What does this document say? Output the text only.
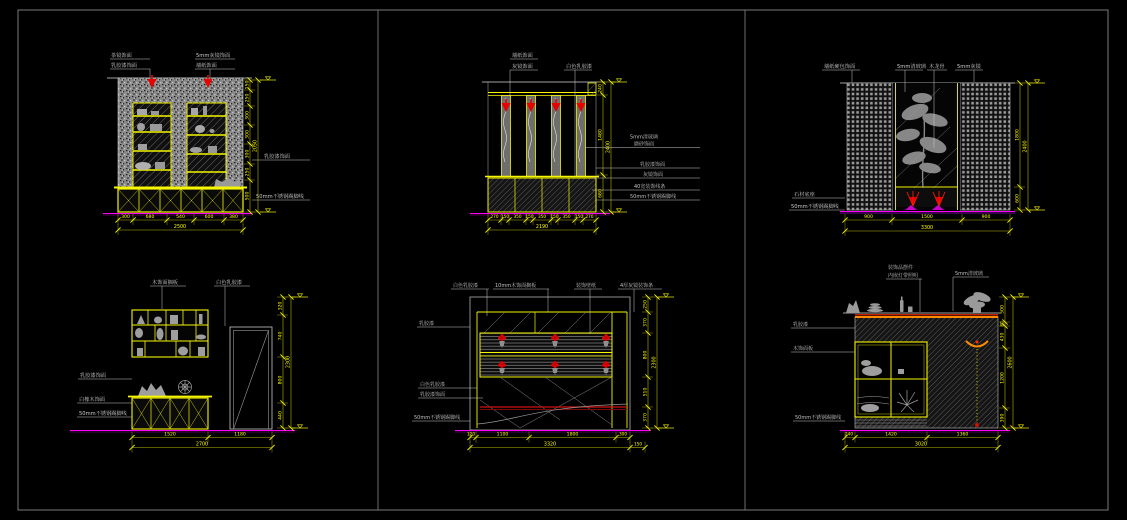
茶镜饰面
乳胶漆饰面
5mm灰镜饰面
墙纸饰面
乳胶漆饰面
50mm不锈钢踢脚线
300	680	540	600	380
2500
150
250
300
300
300
250
500
2050
墙纸饰面
灰镜饰面	白色乳胶漆
5mm清玻璃
磨砂饰面
乳胶漆饰面
灰镜饰面
40宽装饰线条
50mm不锈钢踢脚线
270 150 350 150 350 150 350 150 270
2190
240
1480
680
2400
墙纸硬包饰面	5mm清玻璃 木龙骨 5mm灰镜
石材底座
50mm不锈钢踢脚线
900	1500	900
3300
1800
600
2400
木饰面搁板	白色乳胶漆
乳胶漆饰面
白橡木饰面
50mm不锈钢踢脚线
1520	1180
2700
320
740
800
440
2300
白色乳胶漆	10mm木饰面搁板	装饰壁纸	4厚灰镜装饰条
乳胶漆
白色乳胶漆
乳胶漆饰面
50mm不锈钢踢脚线
120	1100	1800	300
3320	150
250
370
800
510
370
2300
装饰品摆件
内嵌灯带照明	5mm清玻璃
乳胶漆
木饰面板
50mm不锈钢踢脚线
240	1420	1360
3020
500
80
430
1200
390
2600
